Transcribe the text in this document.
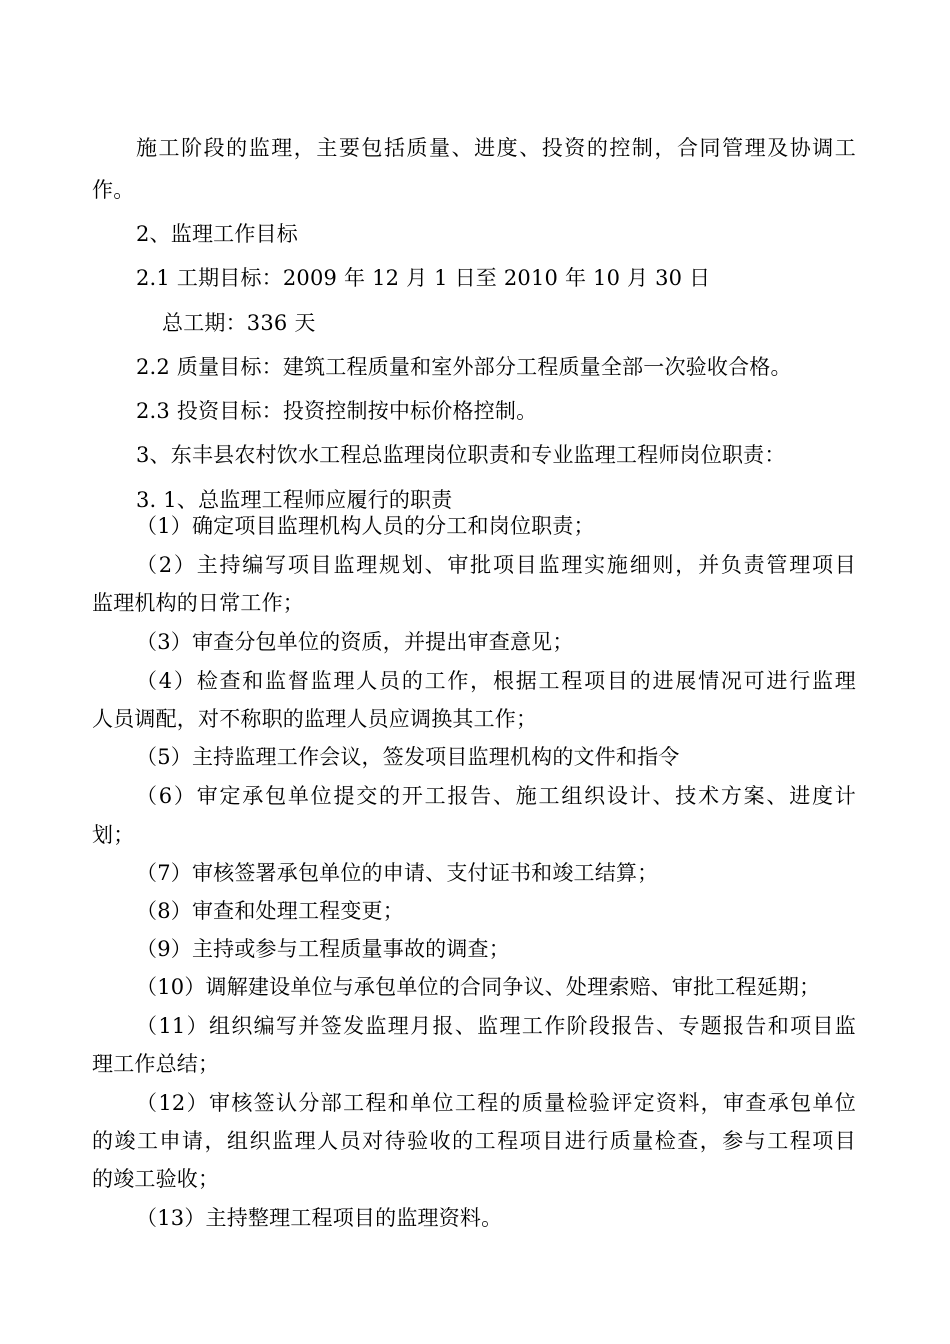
施工阶段的监理，主要包括质量、进度、投资的控制，合同管理及协调工
作。
2、监理工作目标
2.1 工期目标：2009 年 12 月 1 日至 2010 年 10 月 30 日
总工期：336 天
2.2 质量目标：建筑工程质量和室外部分工程质量全部一次验收合格。
2.3 投资目标：投资控制按中标价格控制。
3、东丰县农村饮水工程总监理岗位职责和专业监理工程师岗位职责：
3. 1、总监理工程师应履行的职责
（1）确定项目监理机构人员的分工和岗位职责；
（2）主持编写项目监理规划、审批项目监理实施细则，并负责管理项目
监理机构的日常工作；
（3）审查分包单位的资质，并提出审查意见；
（4）检查和监督监理人员的工作，根据工程项目的进展情况可进行监理
人员调配，对不称职的监理人员应调换其工作；
（5）主持监理工作会议，签发项目监理机构的文件和指令
（6）审定承包单位提交的开工报告、施工组织设计、技术方案、进度计
划；
（7）审核签署承包单位的申请、支付证书和竣工结算；
（8）审查和处理工程变更；
（9）主持或参与工程质量事故的调查；
（10）调解建设单位与承包单位的合同争议、处理索赔、审批工程延期；
（11）组织编写并签发监理月报、监理工作阶段报告、专题报告和项目监
理工作总结；
（12）审核签认分部工程和单位工程的质量检验评定资料，审查承包单位
的竣工申请，组织监理人员对待验收的工程项目进行质量检查，参与工程项目
的竣工验收；
（13）主持整理工程项目的监理资料。
